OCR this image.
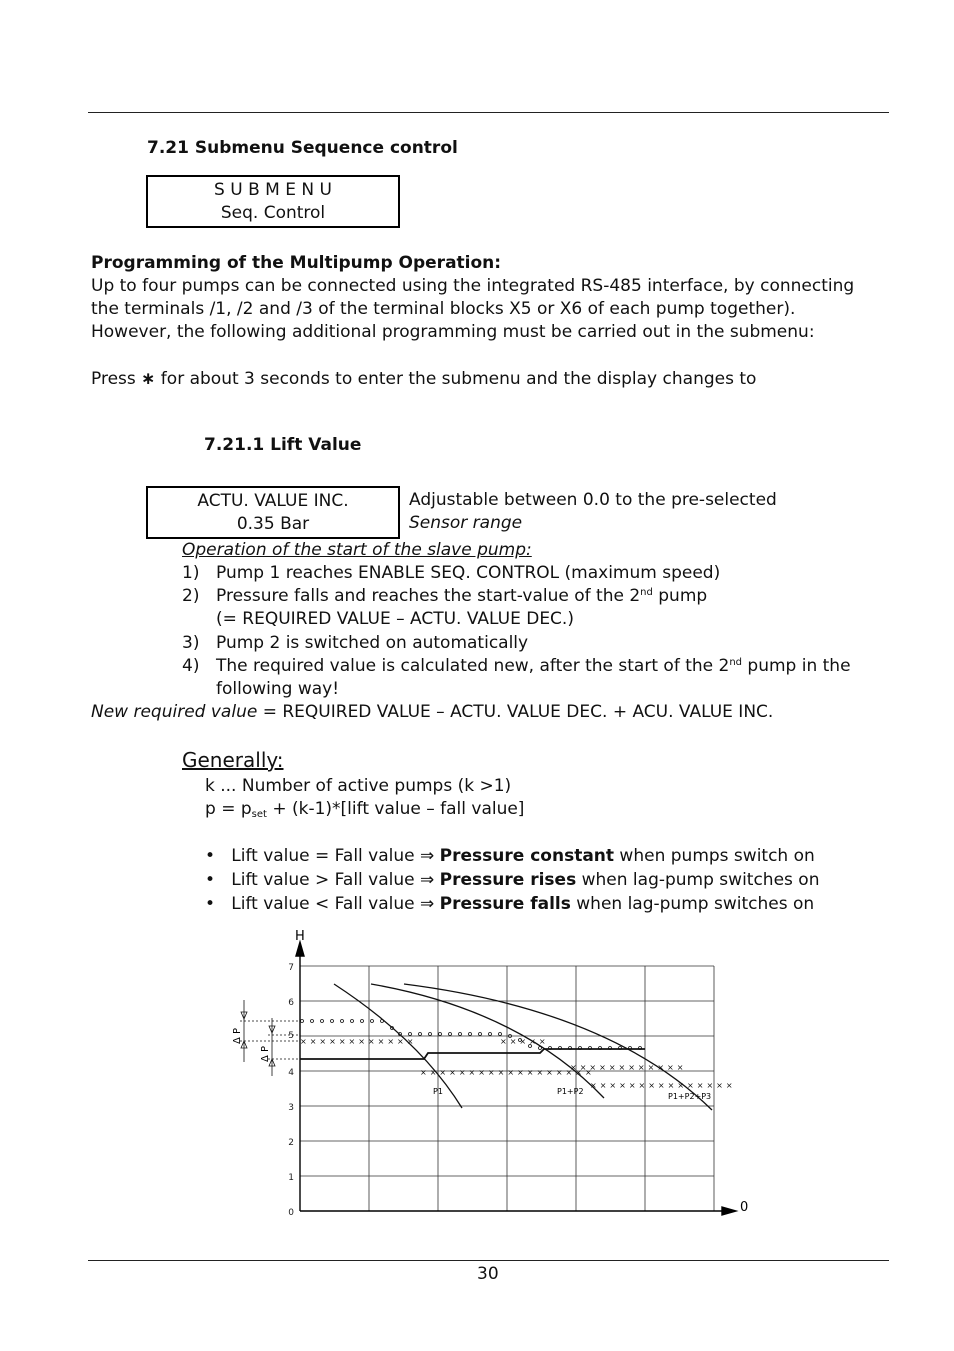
7.21 Submenu Sequence control
S U B M E N U
Seq. Control
Programming of the Multipump Operation:
Up to four pumps can be connected using the integrated RS-485 interface, by connecting
the terminals /1, /2 and /3 of the terminal blocks X5 or X6 of each pump together).
However, the following additional programming must be carried out in the submenu:
Press ∗ for about 3 seconds to enter the submenu and the display changes to
7.21.1 Lift Value
ACTU. VALUE INC.
0.35 Bar
Adjustable between 0.0 to the pre-selected
Sensor range
Operation of the start of the slave pump:
1) Pump 1 reaches ENABLE SEQ. CONTROL (maximum speed)
2) Pressure falls and reaches the start-value of the 2nd pump
(= REQUIRED VALUE – ACTU. VALUE DEC.)
3) Pump 2 is switched on automatically
4) The required value is calculated new, after the start of the 2nd pump in the
following way!
New required value = REQUIRED VALUE – ACTU. VALUE DEC. + ACU. VALUE INC.
Generally:
k ... Number of active pumps (k >1)
$p = p_{set}$ + (k-1)*[lift value – fall value]
•   Lift value = Fall value ⇒ Pressure constant when pumps switch on
•   Lift value > Fall value ⇒ Pressure rises when lag-pump switches on
•   Lift value < Fall value ⇒ Pressure falls when lag-pump switches on
H
0
0
1
2
3
4
5
6
7
××××××××××××
××××××××××××××××××
×××××
××××××××××××
×××××××××××××××
Δ P
Δ P
P1	P1+P2
P1+P2+P3
30
